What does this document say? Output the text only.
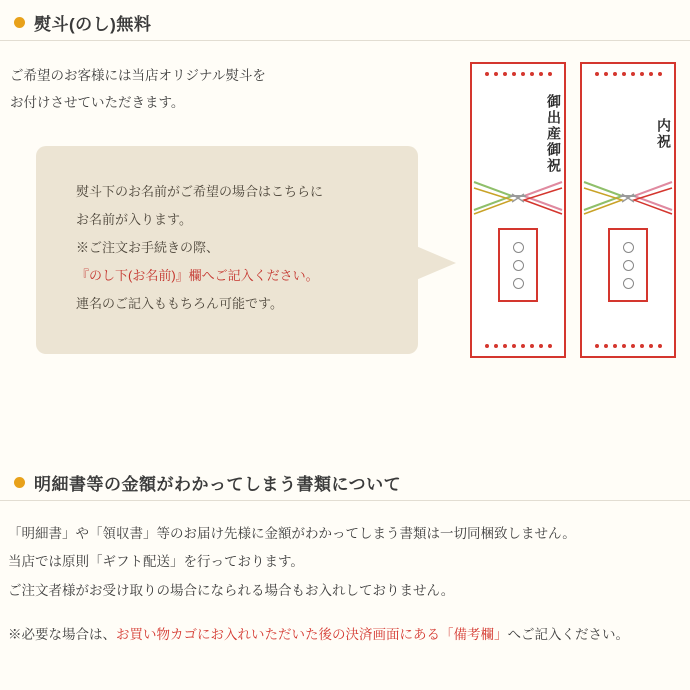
熨斗(のし)無料
ご希望のお客様には当店オリジナル熨斗を
お付けさせていただきます。
熨斗下のお名前がご希望の場合はこちらに
お名前が入ります。
※ご注文お手続きの際、
『のし下(お名前)』欄へご記入ください。
連名のご記入ももちろん可能です。
御出産御祝	内祝
明細書等の金額がわかってしまう書類について
「明細書」や「領収書」等のお届け先様に金額がわかってしまう書類は一切同梱致しません。
当店では原則「ギフト配送」を行っております。
ご注文者様がお受け取りの場合になられる場合もお入れしておりません。
※必要な場合は、お買い物カゴにお入れいただいた後の決済画面にある「備考欄」へご記入ください。
